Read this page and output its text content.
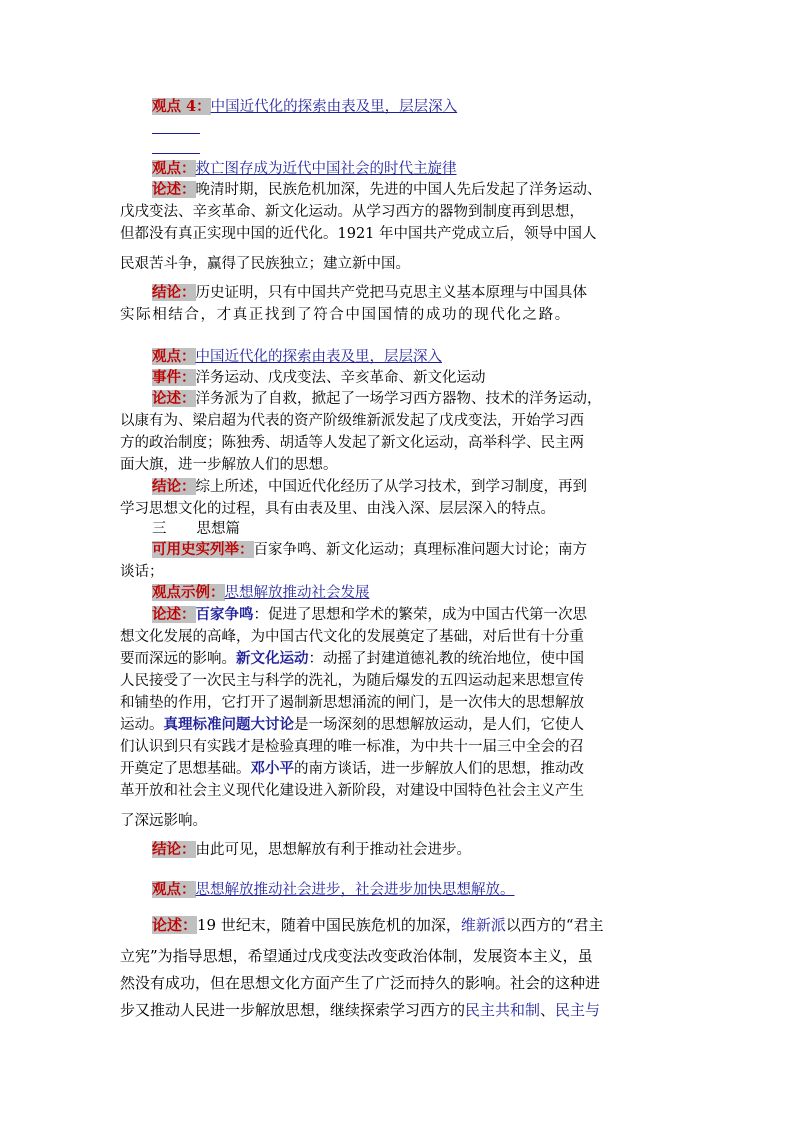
观点 4：中国近代化的探索由表及里，层层深入
观点：救亡图存成为近代中国社会的时代主旋律
论述：晚清时期，民族危机加深，先进的中国人先后发起了洋务运动、
戊戌变法、辛亥革命、新文化运动。从学习西方的器物到制度再到思想，
但都没有真正实现中国的近代化。1921 年中国共产党成立后，领导中国人
民艰苦斗争，赢得了民族独立；建立新中国。
结论：历史证明，只有中国共产党把马克思主义基本原理与中国具体
实际相结合，才真正找到了符合中国国情的成功的现代化之路。
观点：中国近代化的探索由表及里，层层深入
事件：洋务运动、戊戌变法、辛亥革命、新文化运动
论述：洋务派为了自救，掀起了一场学习西方器物、技术的洋务运动，
以康有为、梁启超为代表的资产阶级维新派发起了戊戌变法，开始学习西
方的政治制度；陈独秀、胡适等人发起了新文化运动，高举科学、民主两
面大旗，进一步解放人们的思想。
结论：综上所述，中国近代化经历了从学习技术，到学习制度，再到
学习思想文化的过程，具有由表及里、由浅入深、层层深入的特点。
三 思想篇
可用史实列举：百家争鸣、新文化运动；真理标准问题大讨论；南方
谈话；
观点示例：思想解放推动社会发展
论述：百家争鸣：促进了思想和学术的繁荣，成为中国古代第一次思
想文化发展的高峰，为中国古代文化的发展奠定了基础，对后世有十分重
要而深远的影响。新文化运动：动摇了封建道德礼教的统治地位，使中国
人民接受了一次民主与科学的洗礼，为随后爆发的五四运动起来思想宣传
和铺垫的作用，它打开了遏制新思想涌流的闸门，是一次伟大的思想解放
运动。真理标准问题大讨论是一场深刻的思想解放运动，是人们，它使人
们认识到只有实践才是检验真理的唯一标准，为中共十一届三中全会的召
开奠定了思想基础。邓小平的南方谈话，进一步解放人们的思想，推动改
革开放和社会主义现代化建设进入新阶段，对建设中国特色社会主义产生
了深远影响。
结论：由此可见，思想解放有利于推动社会进步。
观点：思想解放推动社会进步，社会进步加快思想解放。
论述：19 世纪末，随着中国民族危机的加深，维新派以西方的“君主
立宪”为指导思想，希望通过戊戌变法改变政治体制，发展资本主义，虽
然没有成功，但在思想文化方面产生了广泛而持久的影响。社会的这种进
步又推动人民进一步解放思想，继续探索学习西方的民主共和制、民主与
